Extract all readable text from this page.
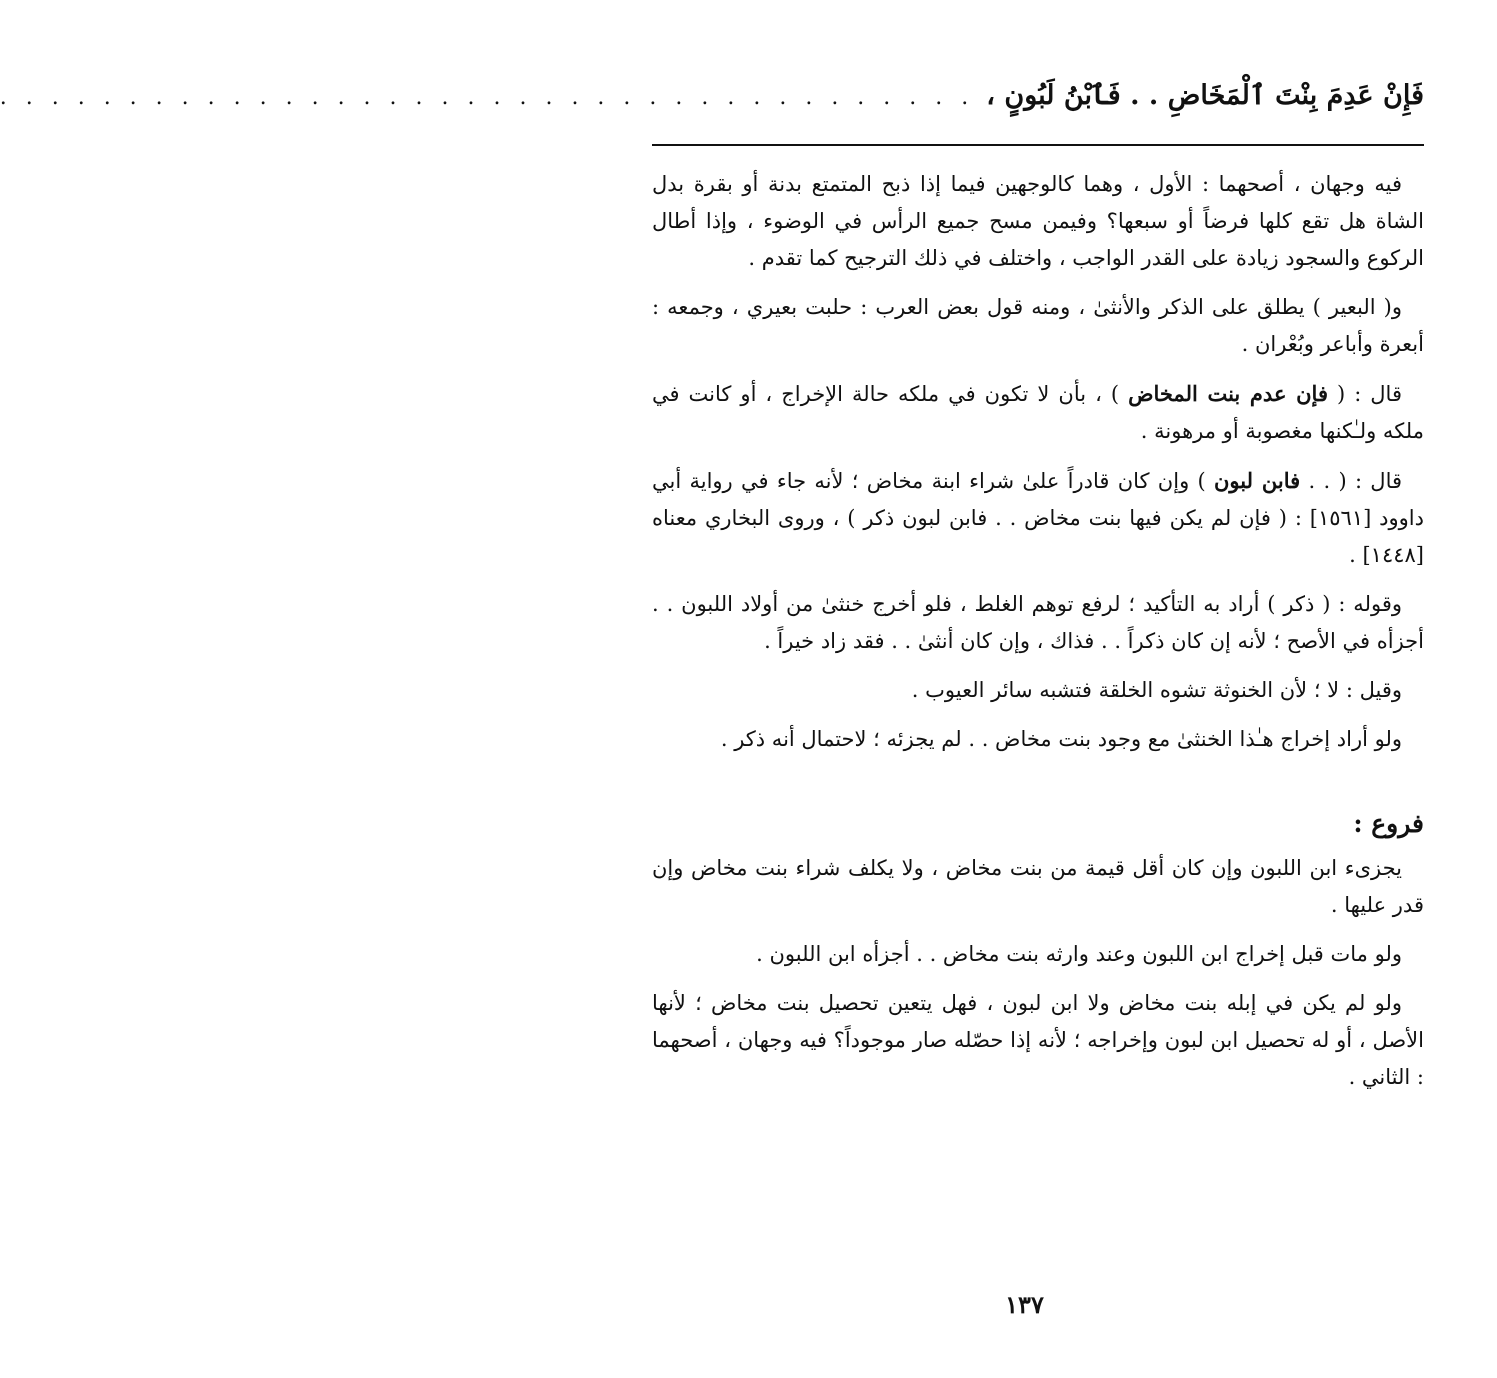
فَإِنْ عَدِمَ بِنْتَ ٱلْمَخَاضِ . . فَٱبْنُ لَبُونٍ ،
. . . . . . . . . . . . . . . . . . . . . . . . . . . . . . . . . . . . . .

فيه وجهان ، أصحهما : الأول ، وهما كالوجهين فيما إذا ذبح المتمتع بدنة أو بقرة بدل الشاة هل تقع كلها فرضاً أو سبعها؟ وفيمن مسح جميع الرأس في الوضوء ، وإذا أطال الركوع والسجود زيادة على القدر الواجب ، واختلف في ذلك الترجيح كما تقدم .

و( البعير ) يطلق على الذكر والأنثىٰ ، ومنه قول بعض العرب : حلبت بعيري ، وجمعه : أبعرة وأباعر وبُعْران .

قال : ( فإن عدم بنت المخاض ) ، بأن لا تكون في ملكه حالة الإخراج ، أو كانت في ملكه ولـٰكنها مغصوبة أو مرهونة .

قال : ( . . فابن لبون ) وإن كان قادراً علىٰ شراء ابنة مخاض ؛ لأنه جاء في رواية أبي داوود [١٥٦١] : ( فإن لم يكن فيها بنت مخاض . . فابن لبون ذكر ) ، وروى البخاري معناه [١٤٤٨] .

وقوله : ( ذكر ) أراد به التأكيد ؛ لرفع توهم الغلط ، فلو أخرج خنثىٰ من أولاد اللبون . . أجزأه في الأصح ؛ لأنه إن كان ذكراً . . فذاك ، وإن كان أنثىٰ . . فقد زاد خيراً .

وقيل : لا ؛ لأن الخنوثة تشوه الخلقة فتشبه سائر العيوب .

ولو أراد إخراج هـٰذا الخنثىٰ مع وجود بنت مخاض . . لم يجزئه ؛ لاحتمال أنه ذكر .

فروع :

يجزىء ابن اللبون وإن كان أقل قيمة من بنت مخاض ، ولا يكلف شراء بنت مخاض وإن قدر عليها .

ولو مات قبل إخراج ابن اللبون وعند وارثه بنت مخاض . . أجزأه ابن اللبون .

ولو لم يكن في إبله بنت مخاض ولا ابن لبون ، فهل يتعين تحصيل بنت مخاض ؛ لأنها الأصل ، أو له تحصيل ابن لبون وإخراجه ؛ لأنه إذا حصّله صار موجوداً؟ فيه وجهان ، أصحهما : الثاني .

١٣٧
